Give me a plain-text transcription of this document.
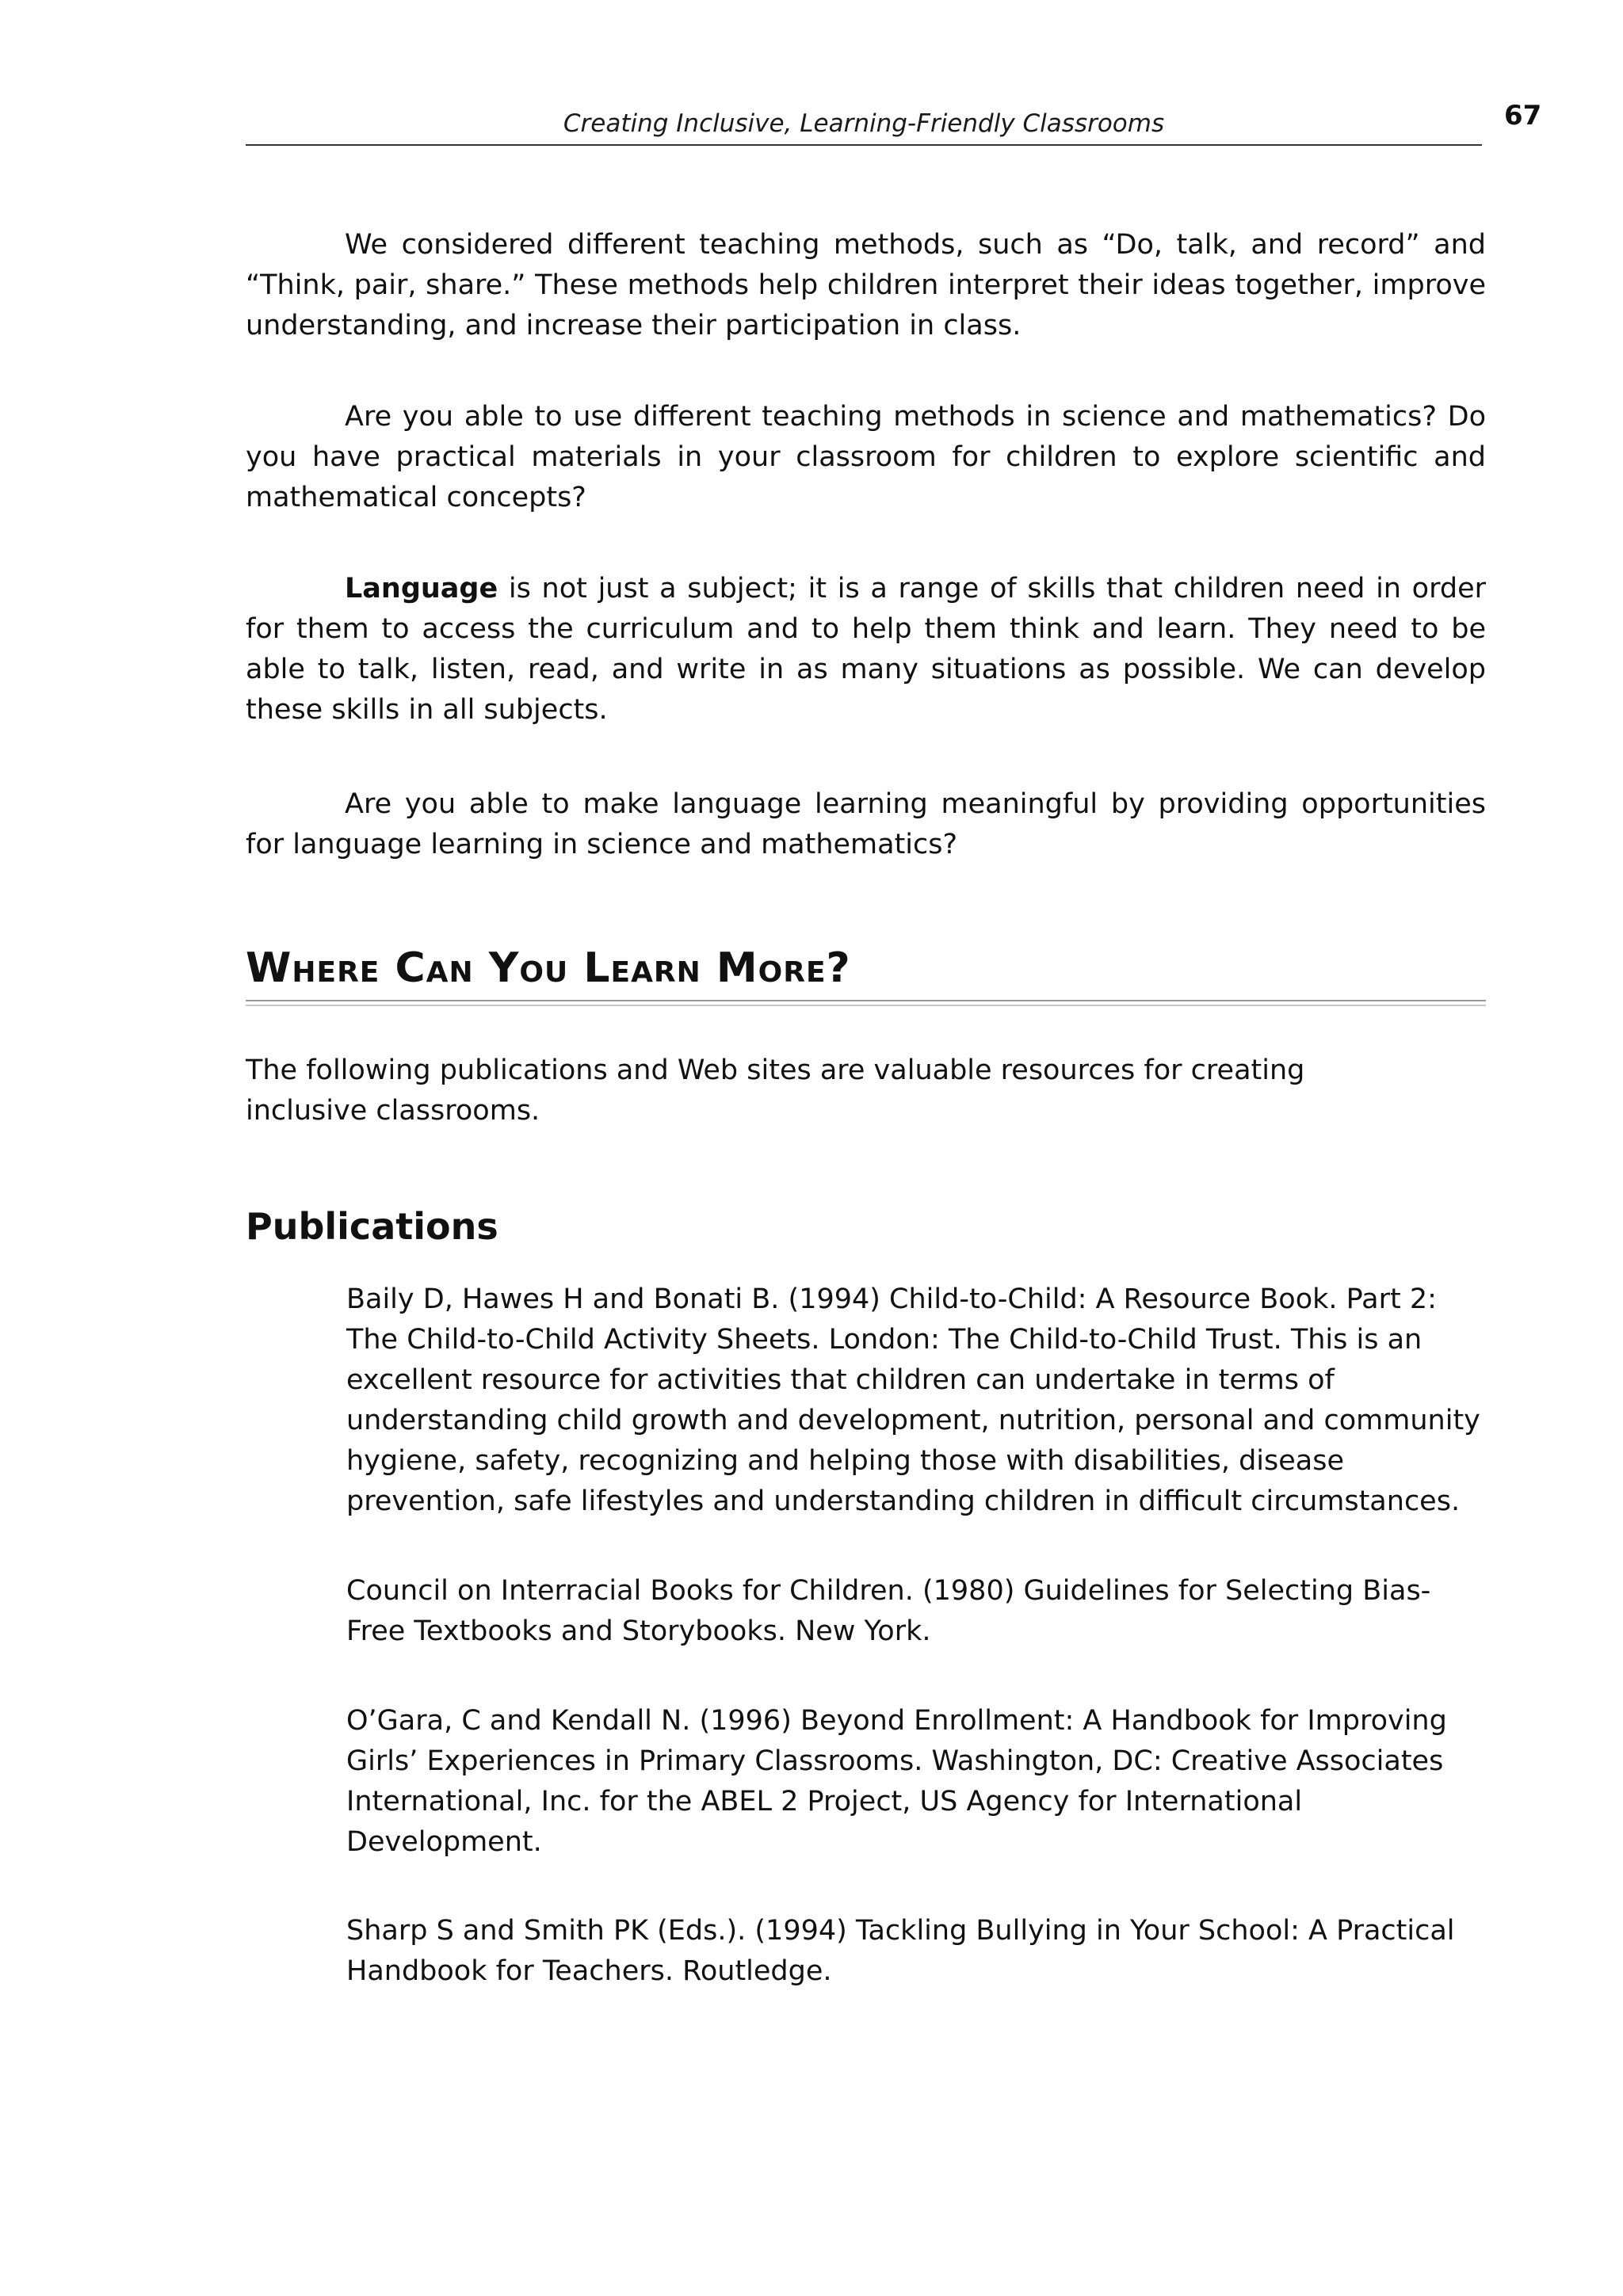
Creating Inclusive, Learning-Friendly Classrooms	67

We considered different teaching methods, such as “Do, talk, and record” and “Think, pair, share.” These methods help children interpret their ideas together, improve understanding, and increase their participation in class.

Are you able to use different teaching methods in science and mathematics? Do you have practical materials in your classroom for children to explore scientific and mathematical concepts?

Language is not just a subject; it is a range of skills that children need in order for them to access the curriculum and to help them think and learn. They need to be able to talk, listen, read, and write in as many situations as possible. We can develop these skills in all subjects.

Are you able to make language learning meaningful by providing opportunities for language learning in science and mathematics?

Where Can You Learn More?

The following publications and Web sites are valuable resources for creating inclusive classrooms.

Publications

Baily D, Hawes H and Bonati B. (1994) Child-to-Child: A Resource Book. Part 2: The Child-to-Child Activity Sheets. London: The Child-to-Child Trust. This is an excellent resource for activities that children can undertake in terms of understanding child growth and development, nutrition, personal and community hygiene, safety, recognizing and helping those with disabilities, disease prevention, safe lifestyles and understanding children in difficult circumstances.

Council on Interracial Books for Children. (1980) Guidelines for Selecting Bias-Free Textbooks and Storybooks. New York.

O’Gara, C and Kendall N. (1996) Beyond Enrollment: A Handbook for Improving Girls’ Experiences in Primary Classrooms. Washington, DC: Creative Associates International, Inc. for the ABEL 2 Project, US Agency for International Development.

Sharp S and Smith PK (Eds.). (1994) Tackling Bullying in Your School: A Practical Handbook for Teachers. Routledge.
